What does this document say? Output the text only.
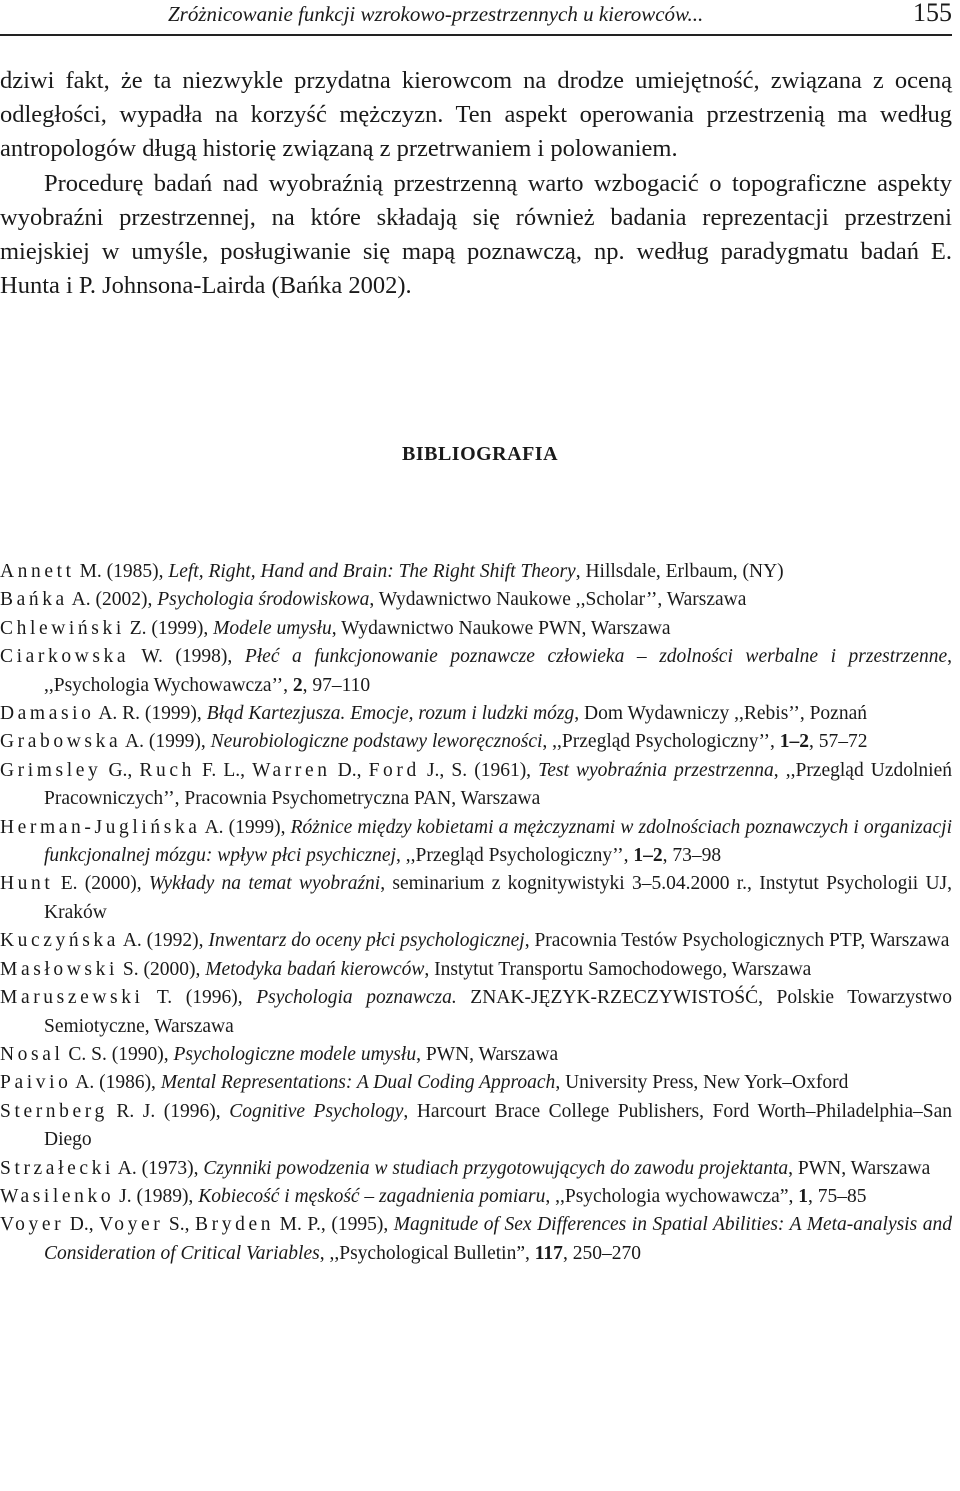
Zróżnicowanie funkcji wzrokowo-przestrzennych u kierowców...	155

dziwi fakt, że ta niezwykle przydatna kierowcom na drodze umiejętność, związana z oceną odległości, wypadła na korzyść mężczyzn. Ten aspekt operowania przestrzenią ma według antropologów długą historię związaną z przetrwaniem i polowaniem.

Procedurę badań nad wyobraźnią przestrzenną warto wzbogacić o topograficzne aspekty wyobraźni przestrzennej, na które składają się również badania reprezentacji przestrzeni miejskiej w umyśle, posługiwanie się mapą poznawczą, np. według paradygmatu badań E. Hunta i P. Johnsona-Lairda (Bańka 2002).

BIBLIOGRAFIA

Annett M. (1985), Left, Right, Hand and Brain: The Right Shift Theory, Hillsdale, Erlbaum, (NY)

Bańka A. (2002), Psychologia środowiskowa, Wydawnictwo Naukowe ,,Scholar’’, Warszawa

Chlewiński Z. (1999), Modele umysłu, Wydawnictwo Naukowe PWN, Warszawa

Ciarkowska W. (1998), Płeć a funkcjonowanie poznawcze człowieka – zdolności werbalne i przestrzenne, ,,Psychologia Wychowawcza’’, 2, 97–110

Damasio A. R. (1999), Błąd Kartezjusza. Emocje, rozum i ludzki mózg, Dom Wydawniczy ,,Rebis’’, Poznań

Grabowska A. (1999), Neurobiologiczne podstawy leworęczności, ,,Przegląd Psychologiczny’’, 1–2, 57–72

Grimsley G., Ruch F. L., Warren D., Ford J., S. (1961), Test wyobraźnia przestrzenna, ,,Przegląd Uzdolnień Pracowniczych’’, Pracownia Psychometryczna PAN, Warszawa

Herman-Juglińska A. (1999), Różnice między kobietami a mężczyznami w zdolnościach poznawczych i organizacji funkcjonalnej mózgu: wpływ płci psychicznej, ,,Przegląd Psychologiczny’’, 1–2, 73–98

Hunt E. (2000), Wykłady na temat wyobraźni, seminarium z kognitywistyki 3–5.04.2000 r., Instytut Psychologii UJ, Kraków

Kuczyńska A. (1992), Inwentarz do oceny płci psychologicznej, Pracownia Testów Psychologicznych PTP, Warszawa

Masłowski S. (2000), Metodyka badań kierowców, Instytut Transportu Samochodowego, Warszawa

Maruszewski T. (1996), Psychologia poznawcza. ZNAK-JĘZYK-RZECZYWISTOŚĆ, Polskie Towarzystwo Semiotyczne, Warszawa

Nosal C. S. (1990), Psychologiczne modele umysłu, PWN, Warszawa

Paivio A. (1986), Mental Representations: A Dual Coding Approach, University Press, New York–Oxford

Sternberg R. J. (1996), Cognitive Psychology, Harcourt Brace College Publishers, Ford Worth–Philadelphia–San Diego

Strzałecki A. (1973), Czynniki powodzenia w studiach przygotowujących do zawodu projektanta, PWN, Warszawa

Wasilenko J. (1989), Kobiecość i męskość – zagadnienia pomiaru, ,,Psychologia wychowawcza”, 1, 75–85

Voyer D., Voyer S., Bryden M. P., (1995), Magnitude of Sex Differences in Spatial Abilities: A Meta-analysis and Consideration of Critical Variables, ,,Psychological Bulletin”, 117, 250–270
